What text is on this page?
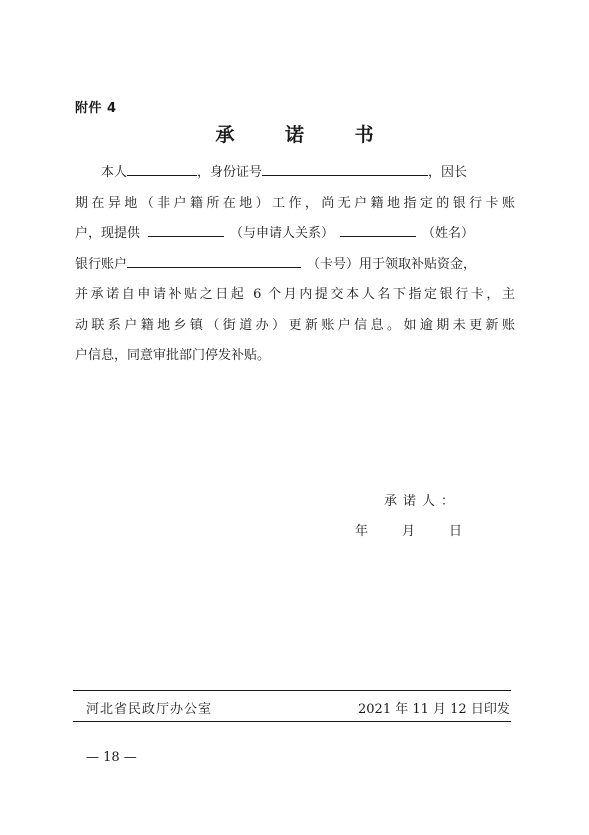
附件 4
承 诺 书
本人	，身份证号	，因长
期在异地（非户籍所在地）工作，尚无户籍地指定的银行卡账
户，现提供	（与申请人关系）	（姓名）
银行账户	（卡号）用于领取补贴资金，
并承诺自申请补贴之日起 6 个月内提交本人名下指定银行卡，主
动联系户籍地乡镇（街道办）更新账户信息。如逾期未更新账
户信息，同意审批部门停发补贴。
承诺人：
年	月	日
河北省民政厅办公室	2021 年 11 月 12 日印发
— 18 —
